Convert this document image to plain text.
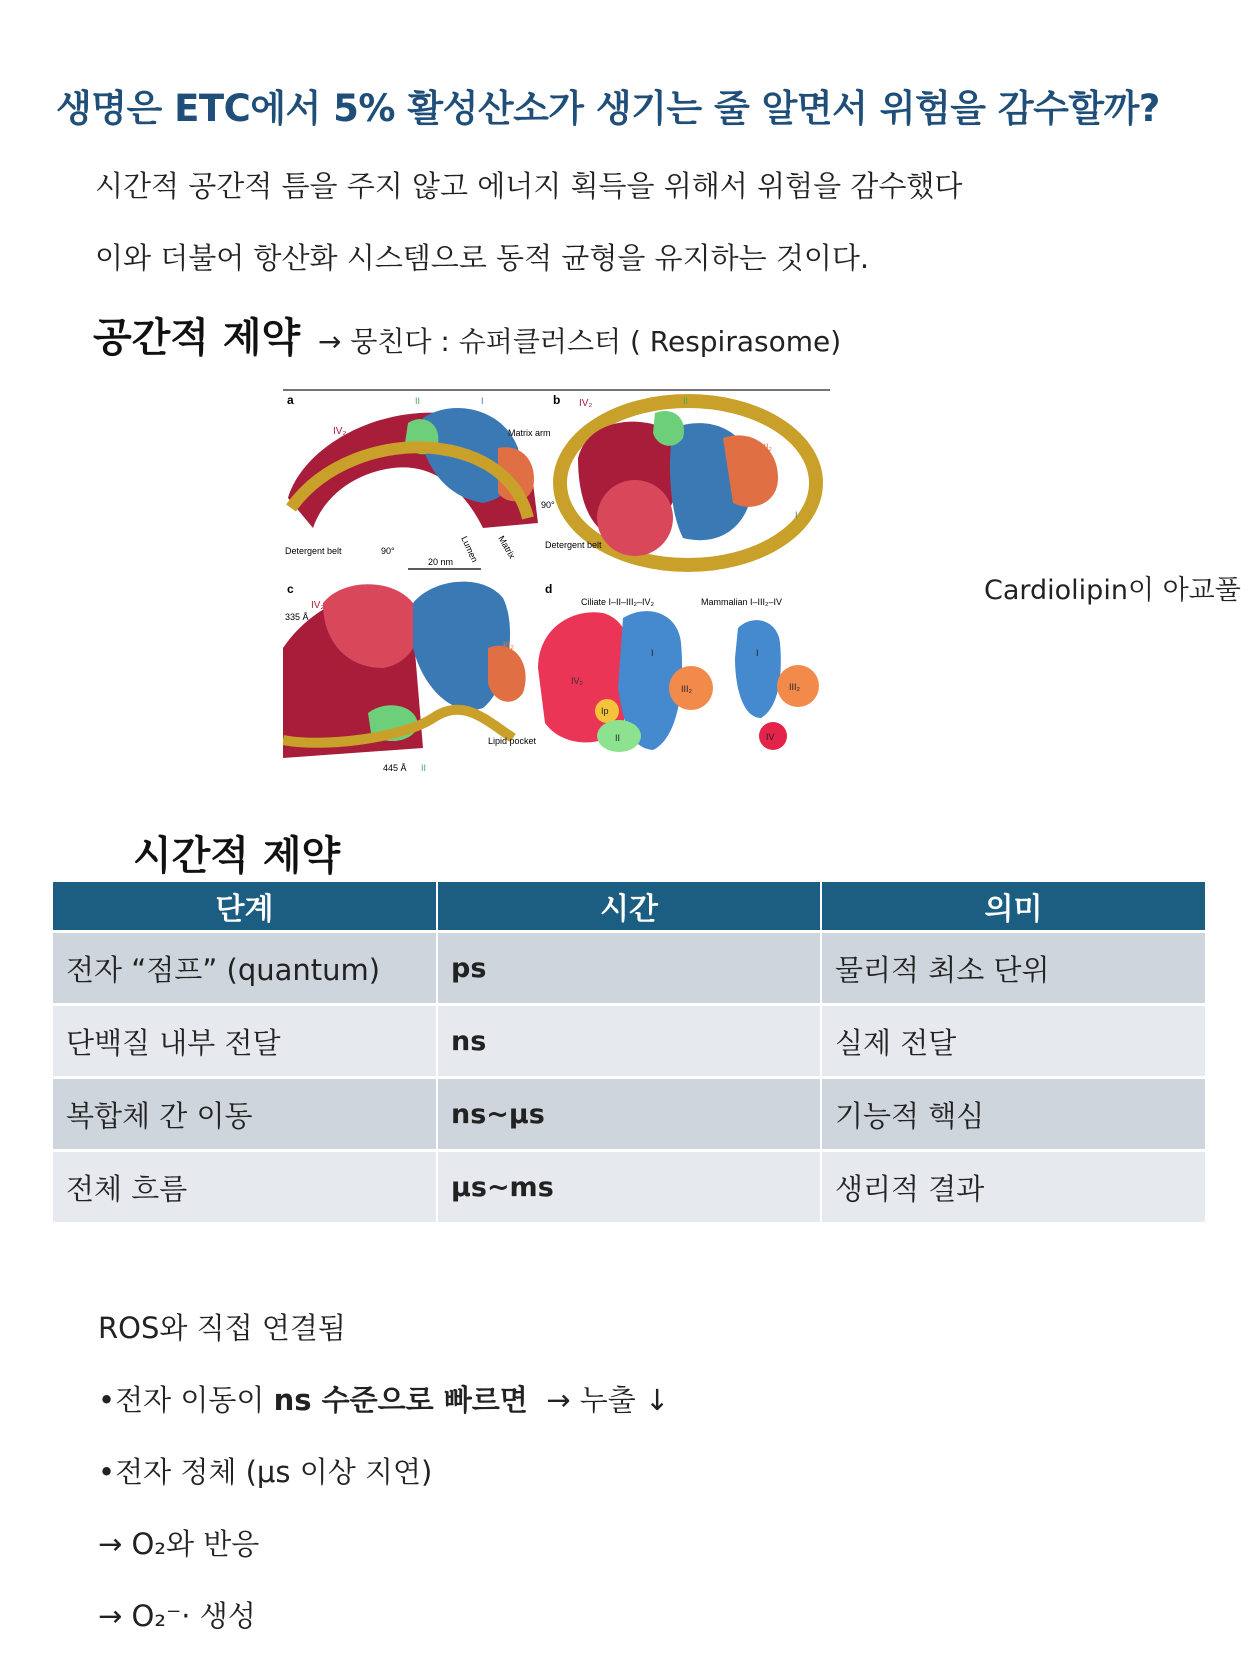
생명은 ETC에서 5% 활성산소가 생기는 줄 알면서 위험을 감수할까?
시간적 공간적 틈을 주지 않고 에너지 획득을 위해서 위험을 감수했다
이와 더불어 항산화 시스템으로 동적 균형을 유지하는 것이다.
공간적 제약 → 뭉친다 : 슈퍼클러스터 ( Respirasome)
a
IV₂
II	I
III₂
Matrix arm
Matrix
Lumen
Detergent belt	90°
20 nm
b IV₂	II
III₂
I
90°
Detergent belt
c
IV₂
335 Å
I
III₂
Lipid pocket
445 Å II
d
Ciliate I–II–III₂–IV₂	Mammalian I–III₂–IV
IV₂
I
III₂
Ip
II
I
III₂
IV
Cardiolipin이 아교풀
시간적 제약
단계	시간	의미
전자 “점프” (quantum)	ps	물리적 최소 단위
단백질 내부 전달	ns	실제 전달
복합체 간 이동	ns~μs	기능적 핵심
전체 흐름	μs~ms	생리적 결과
ROS와 직접 연결됨
•전자 이동이 ns 수준으로 빠르면  → 누출 ↓
•전자 정체 (μs 이상 지연)
→ O₂와 반응
→ O₂⁻· 생성
